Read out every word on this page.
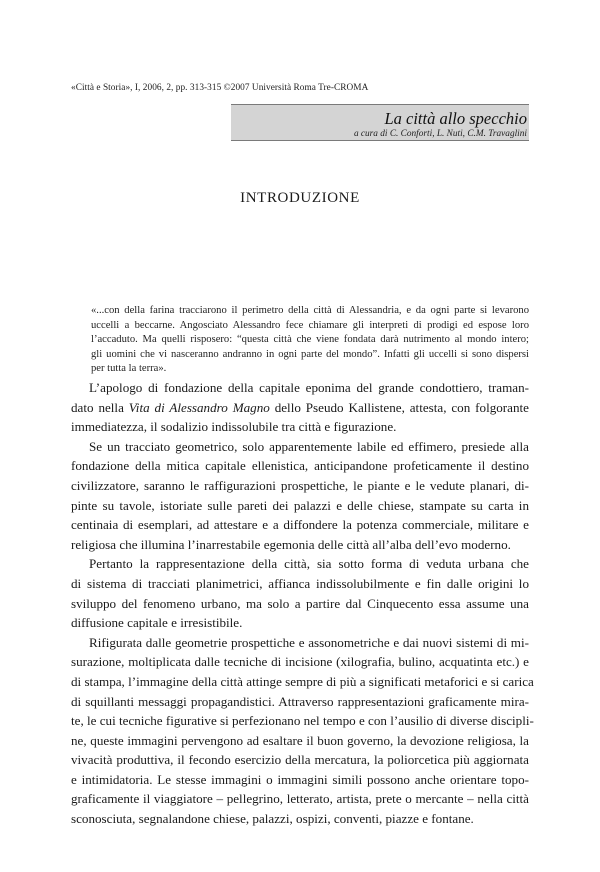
«Città e Storia», I, 2006, 2, pp. 313-315 ©2007 Università Roma Tre-CROMA
La città allo specchio
a cura di C. Conforti, L. Nuti, C.M. Travaglini
INTRODUZIONE
«...con della farina tracciarono il perimetro della città di Alessandria, e da ogni parte si levarono
uccelli a beccarne. Angosciato Alessandro fece chiamare gli interpreti di prodigi ed espose loro
l’accaduto. Ma quelli risposero: “questa città che viene fondata darà nutrimento al mondo intero;
gli uomini che vi nasceranno andranno in ogni parte del mondo”. Infatti gli uccelli si sono dispersi
per tutta la terra».
L’apologo di fondazione della capitale eponima del grande condottiero, traman-
dato nella Vita di Alessandro Magno dello Pseudo Kallistene, attesta, con folgorante
immediatezza, il sodalizio indissolubile tra città e figurazione.
Se un tracciato geometrico, solo apparentemente labile ed effimero, presiede alla
fondazione della mitica capitale ellenistica, anticipandone profeticamente il destino
civilizzatore, saranno le raffigurazioni prospettiche, le piante e le vedute planari, di-
pinte su tavole, istoriate sulle pareti dei palazzi e delle chiese, stampate su carta in
centinaia di esemplari, ad attestare e a diffondere la potenza commerciale, militare e
religiosa che illumina l’inarrestabile egemonia delle città all’alba dell’evo moderno.
Pertanto la rappresentazione della città, sia sotto forma di veduta urbana che
di sistema di tracciati planimetrici, affianca indissolubilmente e fin dalle origini lo
sviluppo del fenomeno urbano, ma solo a partire dal Cinquecento essa assume una
diffusione capitale e irresistibile.
Rifigurata dalle geometrie prospettiche e assonometriche e dai nuovi sistemi di mi-
surazione, moltiplicata dalle tecniche di incisione (xilografia, bulino, acquatinta etc.) e
di stampa, l’immagine della città attinge sempre di più a significati metaforici e si carica
di squillanti messaggi propagandistici. Attraverso rappresentazioni graficamente mira-
te, le cui tecniche figurative si perfezionano nel tempo e con l’ausilio di diverse discipli-
ne, queste immagini pervengono ad esaltare il buon governo, la devozione religiosa, la
vivacità produttiva, il fecondo esercizio della mercatura, la poliorcetica più aggiornata
e intimidatoria. Le stesse immagini o immagini simili possono anche orientare topo-
graficamente il viaggiatore – pellegrino, letterato, artista, prete o mercante – nella città
sconosciuta, segnalandone chiese, palazzi, ospizi, conventi, piazze e fontane.
